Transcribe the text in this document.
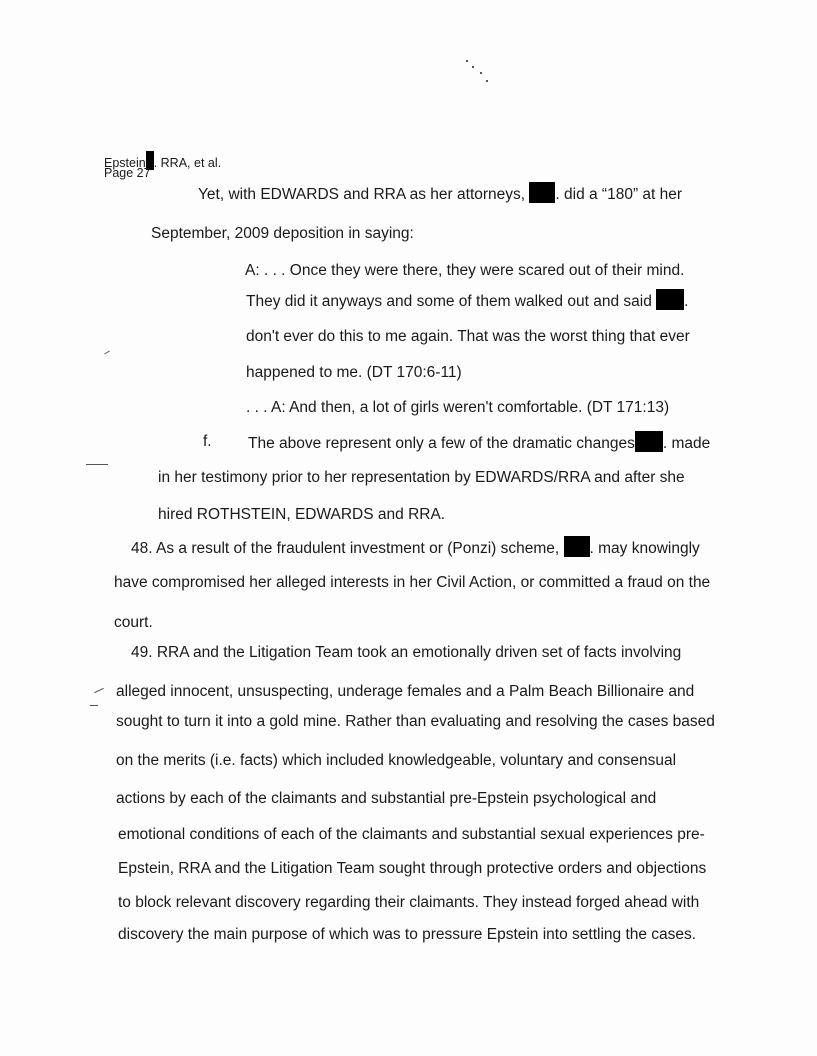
Epstein . RRA, et al.
Page 27
Yet, with EDWARDS and RRA as her attorneys, . did a “180” at her
September, 2009 deposition in saying:
A: . . . Once they were there, they were scared out of their mind.
They did it anyways and some of them walked out and said .
don't ever do this to me again. That was the worst thing that ever
happened to me. (DT 170:6-11)
. . . A: And then, a lot of girls weren't comfortable. (DT 171:13)
f. The above represent only a few of the dramatic changes . made
in her testimony prior to her representation by EDWARDS/RRA and after she
hired ROTHSTEIN, EDWARDS and RRA.
48. As a result of the fraudulent investment or (Ponzi) scheme, . may knowingly
have compromised her alleged interests in her Civil Action, or committed a fraud on the
court.
49. RRA and the Litigation Team took an emotionally driven set of facts involving
alleged innocent, unsuspecting, underage females and a Palm Beach Billionaire and
sought to turn it into a gold mine. Rather than evaluating and resolving the cases based
on the merits (i.e. facts) which included knowledgeable, voluntary and consensual
actions by each of the claimants and substantial pre-Epstein psychological and
emotional conditions of each of the claimants and substantial sexual experiences pre-
Epstein, RRA and the Litigation Team sought through protective orders and objections
to block relevant discovery regarding their claimants. They instead forged ahead with
discovery the main purpose of which was to pressure Epstein into settling the cases.
